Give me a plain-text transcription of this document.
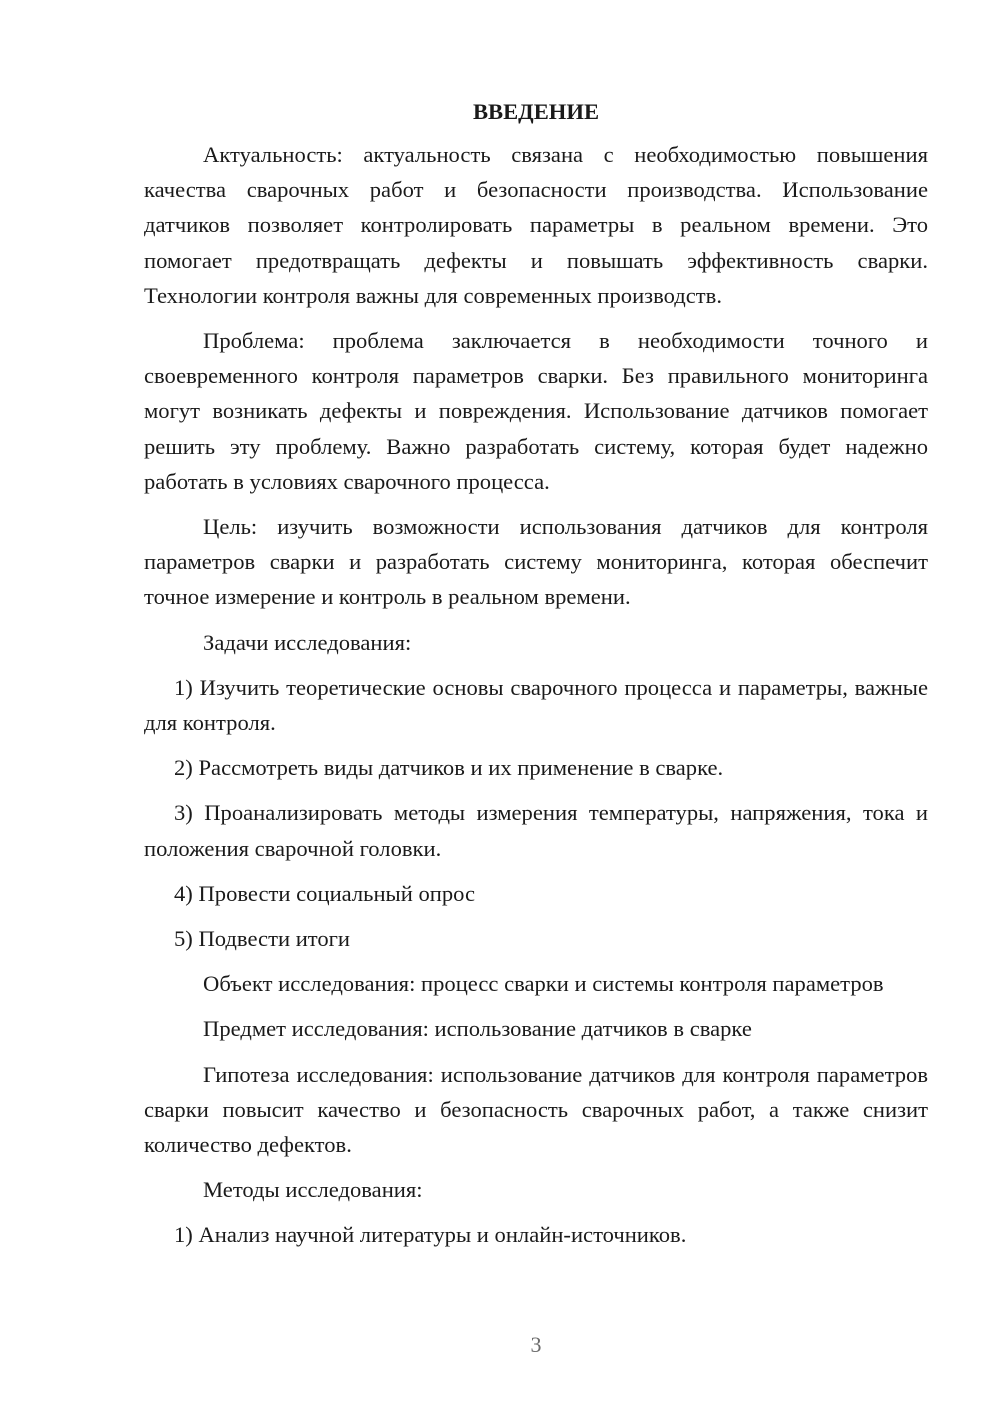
ВВЕДЕНИЕ

Актуальность: актуальность связана с необходимостью повышения качества сварочных работ и безопасности производства. Использование датчиков позволяет контролировать параметры в реальном времени. Это помогает предотвращать дефекты и повышать эффективность сварки. Технологии контроля важны для современных производств.

Проблема: проблема заключается в необходимости точного и своевременного контроля параметров сварки. Без правильного мониторинга могут возникать дефекты и повреждения. Использование датчиков помогает решить эту проблему. Важно разработать систему, которая будет надежно работать в условиях сварочного процесса.

Цель: изучить возможности использования датчиков для контроля параметров сварки и разработать систему мониторинга, которая обеспечит точное измерение и контроль в реальном времени.

Задачи исследования:

1) Изучить теоретические основы сварочного процесса и параметры, важные для контроля.

2) Рассмотреть виды датчиков и их применение в сварке.

3) Проанализировать методы измерения температуры, напряжения, тока и положения сварочной головки.

4) Провести социальный опрос

5) Подвести итоги

Объект исследования: процесс сварки и системы контроля параметров

Предмет исследования: использование датчиков в сварке

Гипотеза исследования: использование датчиков для контроля параметров сварки повысит качество и безопасность сварочных работ, а также снизит количество дефектов.

Методы исследования:

1) Анализ научной литературы и онлайн-источников.

3
